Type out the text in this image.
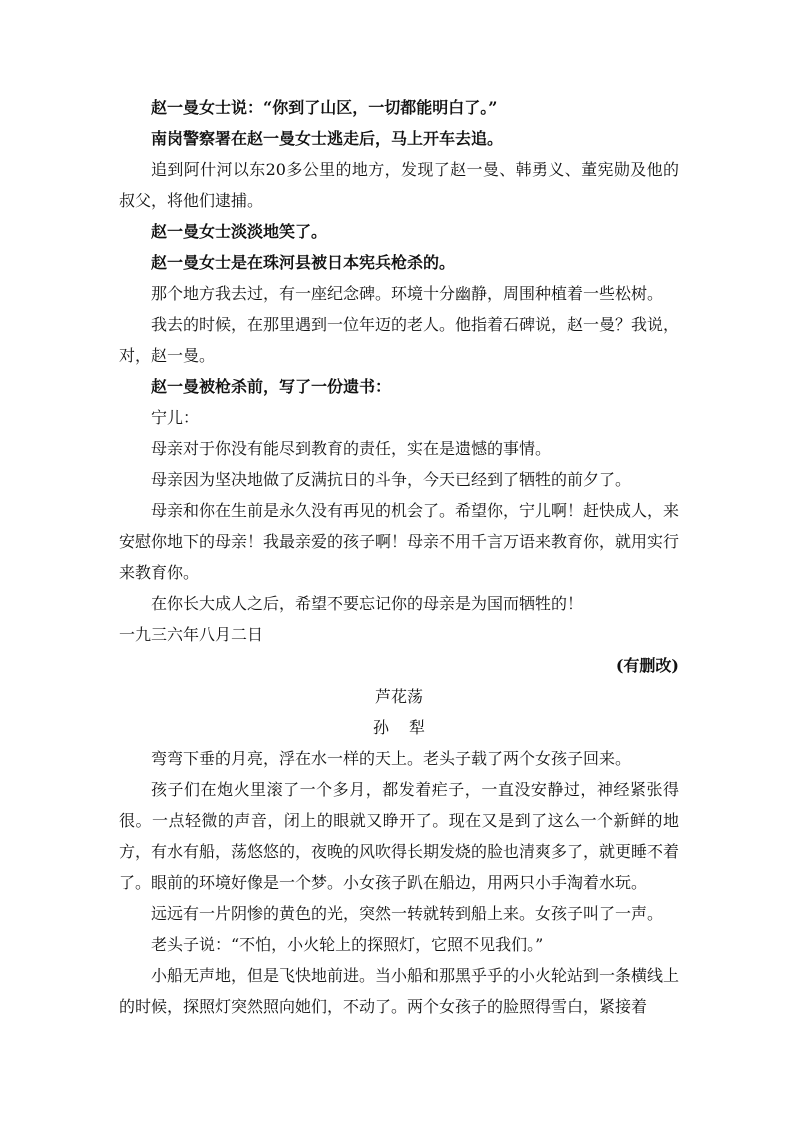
赵一曼女士说：“你到了山区，一切都能明白了。”

南岗警察署在赵一曼女士逃走后，马上开车去追。

追到阿什河以东20多公里的地方，发现了赵一曼、韩勇义、董宪勋及他的叔父，将他们逮捕。

赵一曼女士淡淡地笑了。

赵一曼女士是在珠河县被日本宪兵枪杀的。

那个地方我去过，有一座纪念碑。环境十分幽静，周围种植着一些松树。

我去的时候，在那里遇到一位年迈的老人。他指着石碑说，赵一曼？我说，对，赵一曼。

赵一曼被枪杀前，写了一份遗书：

宁儿：

母亲对于你没有能尽到教育的责任，实在是遗憾的事情。

母亲因为坚决地做了反满抗日的斗争，今天已经到了牺牲的前夕了。

母亲和你在生前是永久没有再见的机会了。希望你，宁儿啊！赶快成人，来安慰你地下的母亲！我最亲爱的孩子啊！母亲不用千言万语来教育你，就用实行来教育你。

在你长大成人之后，希望不要忘记你的母亲是为国而牺牲的！

一九三六年八月二日

(有删改)

芦花荡

孙 犁

弯弯下垂的月亮，浮在水一样的天上。老头子载了两个女孩子回来。

孩子们在炮火里滚了一个多月，都发着疟子，一直没安静过，神经紧张得很。一点轻微的声音，闭上的眼就又睁开了。现在又是到了这么一个新鲜的地方，有水有船，荡悠悠的，夜晚的风吹得长期发烧的脸也清爽多了，就更睡不着了。眼前的环境好像是一个梦。小女孩子趴在船边，用两只小手淘着水玩。

远远有一片阴惨的黄色的光，突然一转就转到船上来。女孩子叫了一声。

老头子说：“不怕，小火轮上的探照灯，它照不见我们。”

小船无声地，但是飞快地前进。当小船和那黑乎乎的小火轮站到一条横线上的时候，探照灯突然照向她们，不动了。两个女孩子的脸照得雪白，紧接着
